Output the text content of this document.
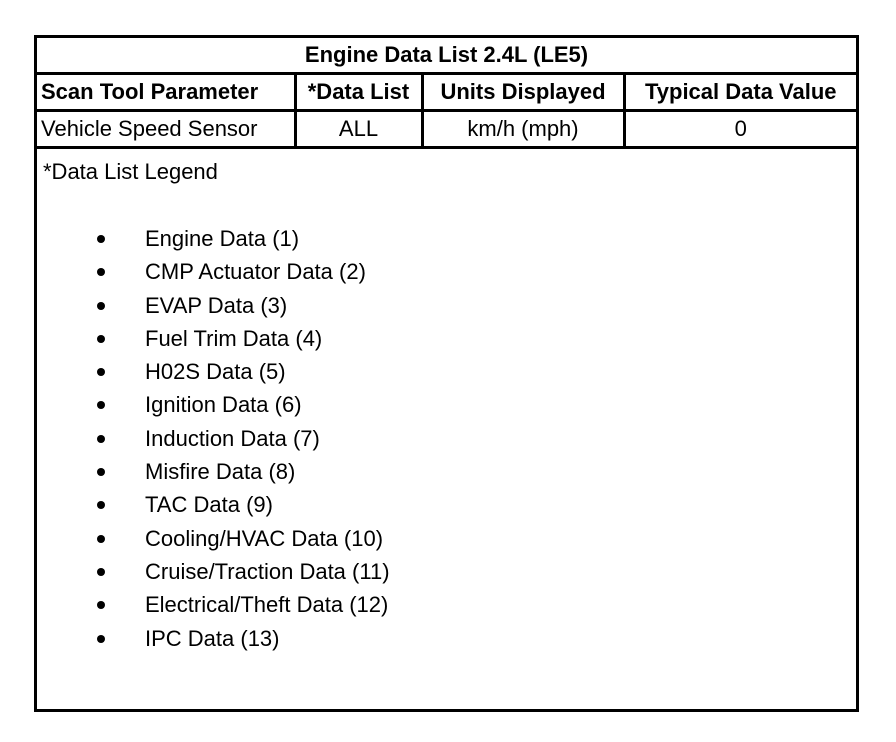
Engine Data List 2.4L (LE5)			
Scan Tool Parameter	*Data List	Units Displayed	Typical Data Value
Vehicle Speed Sensor	ALL	km/h (mph)	0
*Data List Legend
Engine Data (1)
CMP Actuator Data (2)
EVAP Data (3)
Fuel Trim Data (4)
H02S Data (5)
Ignition Data (6)
Induction Data (7)
Misfire Data (8)
TAC Data (9)
Cooling/HVAC Data (10)
Cruise/Traction Data (11)
Electrical/Theft Data (12)
IPC Data (13)
